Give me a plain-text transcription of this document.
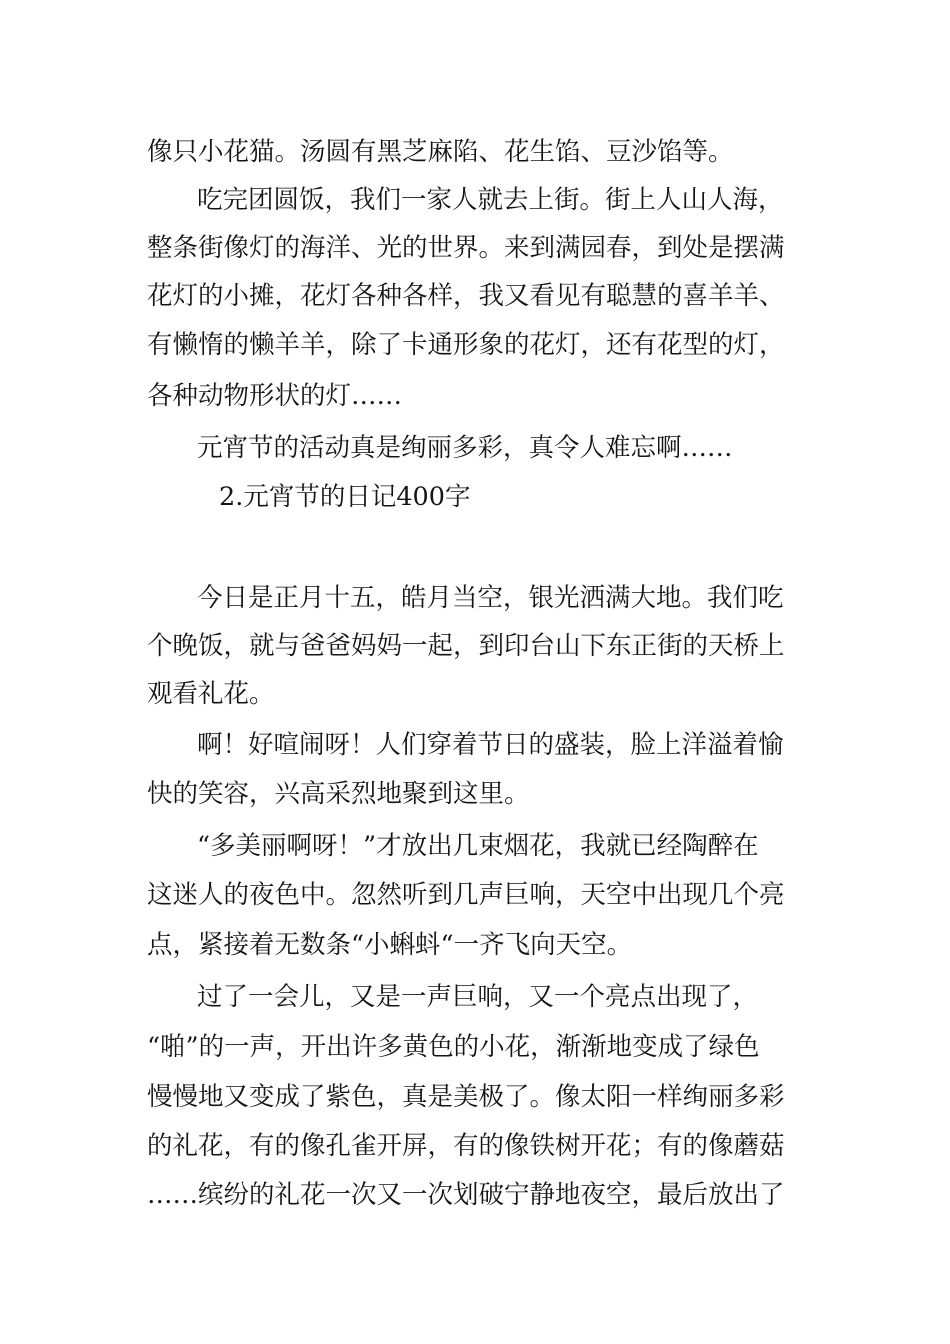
像只小花猫。汤圆有黑芝麻陷、花生馅、豆沙馅等。
吃完团圆饭，我们一家人就去上街。街上人山人海，
整条街像灯的海洋、光的世界。来到满园春，到处是摆满
花灯的小摊，花灯各种各样，我又看见有聪慧的喜羊羊、
有懒惰的懒羊羊，除了卡通形象的花灯，还有花型的灯，
各种动物形状的灯……
元宵节的活动真是绚丽多彩，真令人难忘啊……
2.元宵节的日记400字
今日是正月十五，皓月当空，银光洒满大地。我们吃
个晚饭，就与爸爸妈妈一起，到印台山下东正街的天桥上
观看礼花。
啊！好喧闹呀！人们穿着节日的盛装，脸上洋溢着愉
快的笑容，兴高采烈地聚到这里。
“多美丽啊呀！”才放出几束烟花，我就已经陶醉在
这迷人的夜色中。忽然听到几声巨响，天空中出现几个亮
点，紧接着无数条“小蝌蚪“一齐飞向天空。
过了一会儿，又是一声巨响，又一个亮点出现了，
“啪”的一声，开出许多黄色的小花，渐渐地变成了绿色
慢慢地又变成了紫色，真是美极了。像太阳一样绚丽多彩
的礼花，有的像孔雀开屏，有的像铁树开花；有的像蘑菇
……缤纷的礼花一次又一次划破宁静地夜空，最后放出了
